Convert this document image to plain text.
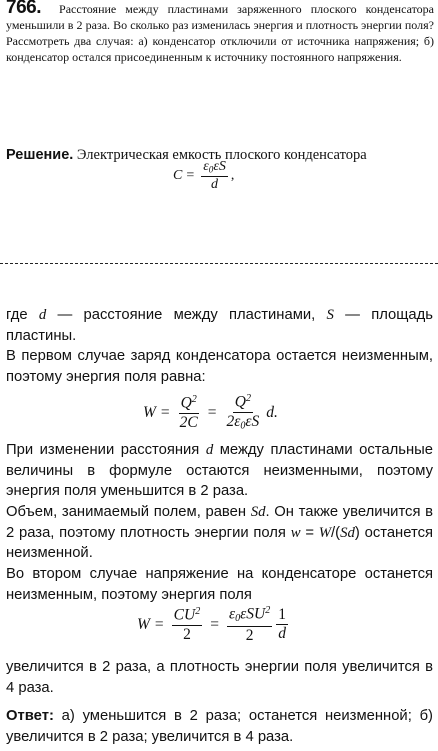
766. Расстояние между пластинами заряженного плоского конденсатора уменьшили в 2 раза. Во сколько раз изменилась энергия и плотность энергии поля? Рассмотреть два случая: а) конденсатор отключили от источника напряжения; б) конденсатор остался присоединенным к источнику постоянного напряжения.
Решение. Электрическая емкость плоского конденсатора
$C = \frac{\varepsilon_0\varepsilon S}{d}$ ,
где d — расстояние между пластинами, S — площадь пластины.
В первом случае заряд конденсатора остается неизменным, поэтому энергия поля равна:
$W = \frac{Q^2}{2C} = \frac{Q^2}{2\varepsilon_0\varepsilon S} d$.
При изменении расстояния d между пластинами остальные величины в формуле остаются неизменными, поэтому энергия поля уменьшится в 2 раза.
Объем, занимаемый полем, равен Sd. Он также увеличится в 2 раза, поэтому плотность энергии поля w = W/(Sd) останется неизменной.
Во втором случае напряжение на конденсаторе останется неизменным, поэтому энергия поля
$W = \frac{CU^2}{2} = \frac{\varepsilon_0\varepsilon SU^2}{2} \frac{1}{d}$
увеличится в 2 раза, а плотность энергии поля увеличится в 4 раза.
Ответ: а) уменьшится в 2 раза; останется неизменной; б) увеличится в 2 раза; увеличится в 4 раза.
